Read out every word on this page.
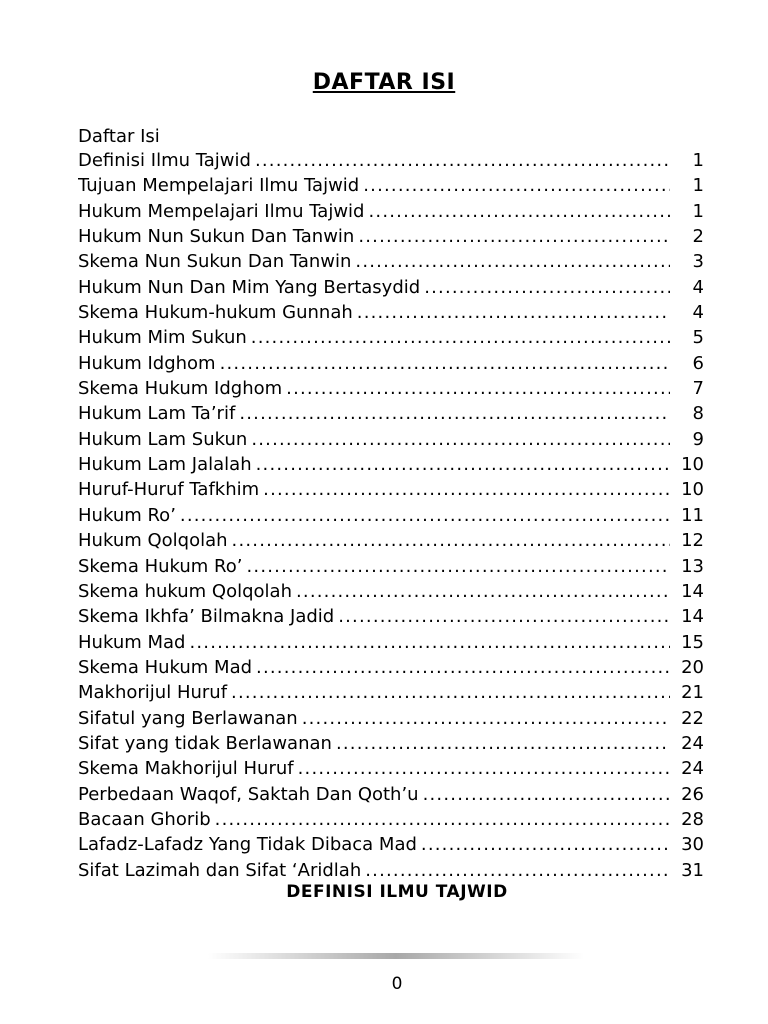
DAFTAR ISI
Daftar Isi
Definisi Ilmu Tajwid .....	1
Tujuan Mempelajari Ilmu Tajwid .....	1
Hukum Mempelajari Ilmu Tajwid .....	1
Hukum Nun Sukun Dan Tanwin .....	2
Skema Nun Sukun Dan Tanwin .....	3
Hukum Nun Dan Mim Yang Bertasydid .....	4
Skema Hukum-hukum Gunnah .....	4
Hukum Mim Sukun .....	5
Hukum Idghom .....	6
Skema Hukum Idghom .....	7
Hukum Lam Ta’rif .....	8
Hukum Lam Sukun .....	9
Hukum Lam Jalalah .....	10
Huruf-Huruf Tafkhim .....	10
Hukum Ro’ .....	11
Hukum Qolqolah .....	12
Skema Hukum Ro’ .....	13
Skema hukum Qolqolah .....	14
Skema Ikhfa’ Bilmakna Jadid .....	14
Hukum Mad .....	15
Skema Hukum Mad .....	20
Makhorijul Huruf .....	21
Sifatul yang Berlawanan .....	22
Sifat yang tidak Berlawanan .....	24
Skema Makhorijul Huruf .....	24
Perbedaan Waqof, Saktah Dan Qoth’u .....	26
Bacaan Ghorib .....	28
Lafadz-Lafadz Yang Tidak Dibaca Mad .....	30
Sifat Lazimah dan Sifat ‘Aridlah .....	31
DEFINISI ILMU TAJWID
0
